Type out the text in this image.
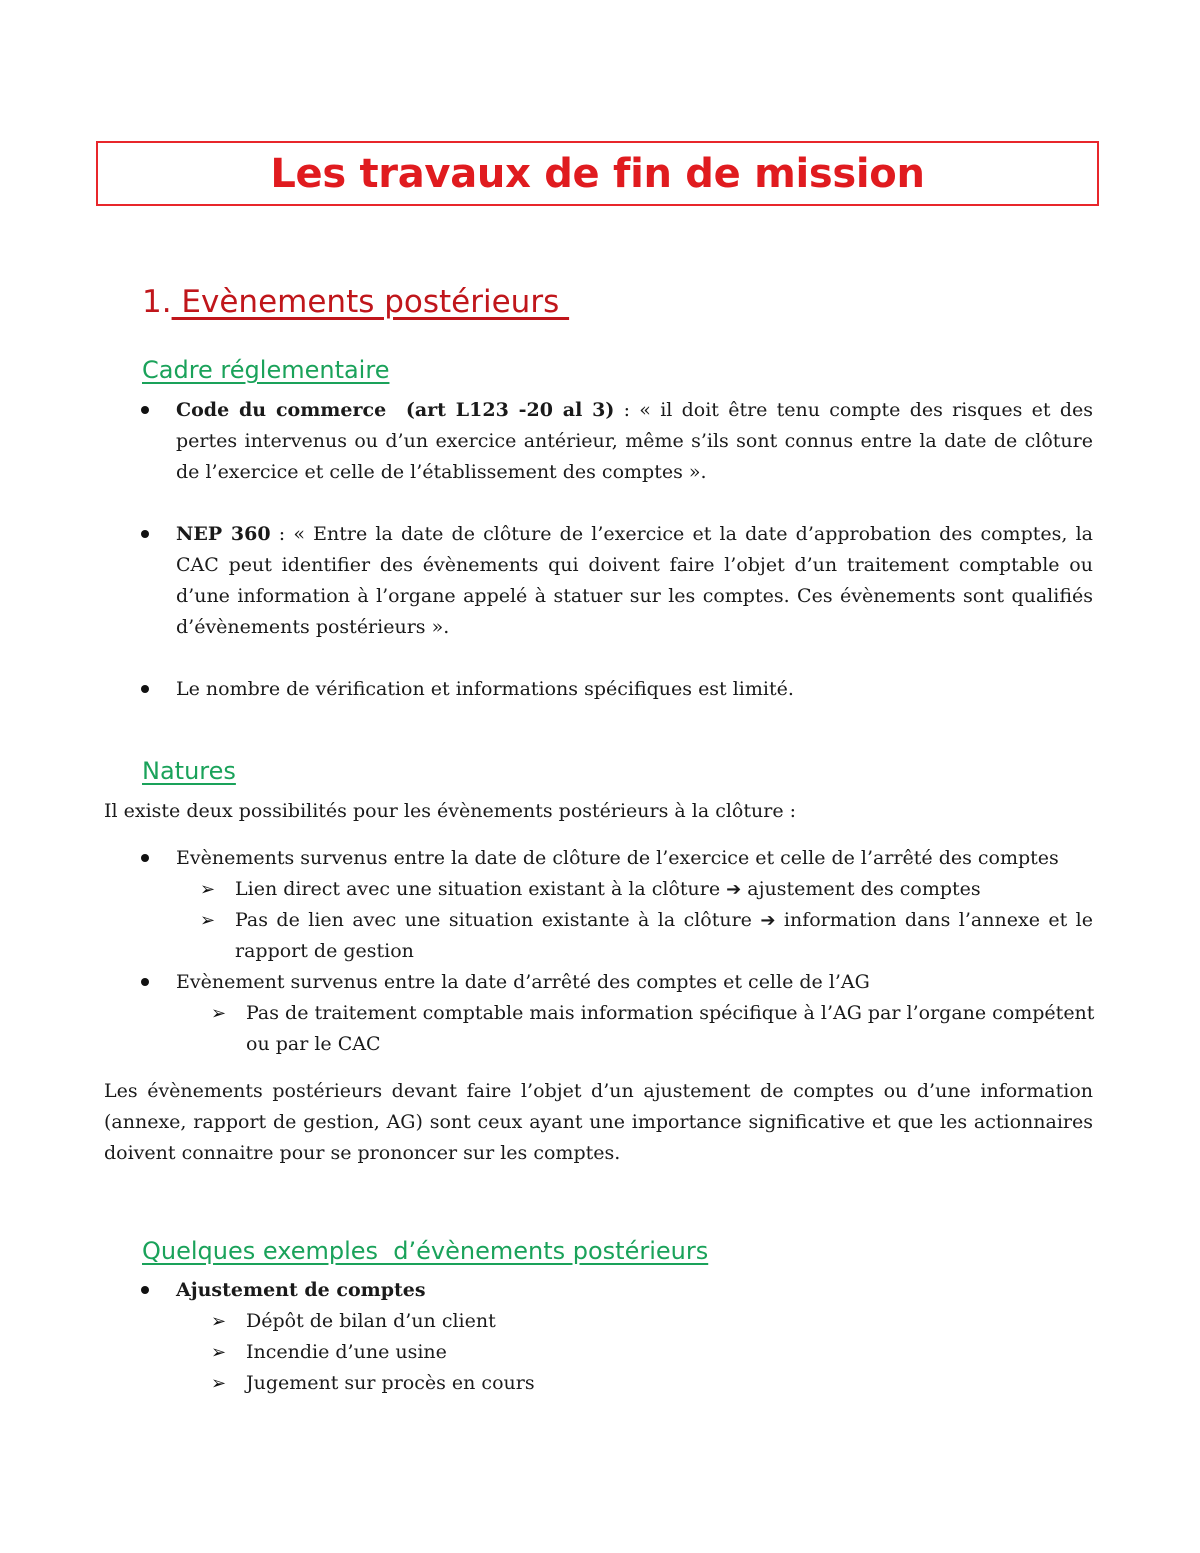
Les travaux de fin de mission
1. Evènements postérieurs
Cadre réglementaire
Code du commerce  (art L123 -20 al 3) : « il doit être tenu compte des risques et des pertes intervenus ou d’un exercice antérieur, même s’ils sont connus entre la date de clôture de l’exercice et celle de l’établissement des comptes ».
NEP 360 : « Entre la date de clôture de l’exercice et la date d’approbation des comptes, la CAC peut identifier des évènements qui doivent faire l’objet d’un traitement comptable ou d’une information à l’organe appelé à statuer sur les comptes. Ces évènements sont qualifiés d’évènements postérieurs ».
Le nombre de vérification et informations spécifiques est limité.
Natures
Il existe deux possibilités pour les évènements postérieurs à la clôture :
Evènements survenus entre la date de clôture de l’exercice et celle de l’arrêté des comptes
➢ Lien direct avec une situation existant à la clôture ➔ ajustement des comptes
➢ Pas de lien avec une situation existante à la clôture ➔ information dans l’annexe et le
rapport de gestion
Evènement survenus entre la date d’arrêté des comptes et celle de l’AG
➢ Pas de traitement comptable mais information spécifique à l’AG par l’organe compétent
ou par le CAC
Les évènements postérieurs devant faire l’objet d’un ajustement de comptes ou d’une information (annexe, rapport de gestion, AG) sont ceux ayant une importance significative et que les actionnaires doivent connaitre pour se prononcer sur les comptes.
Quelques exemples  d’évènements postérieurs
Ajustement de comptes
➢ Dépôt de bilan d’un client
➢ Incendie d’une usine
➢ Jugement sur procès en cours
